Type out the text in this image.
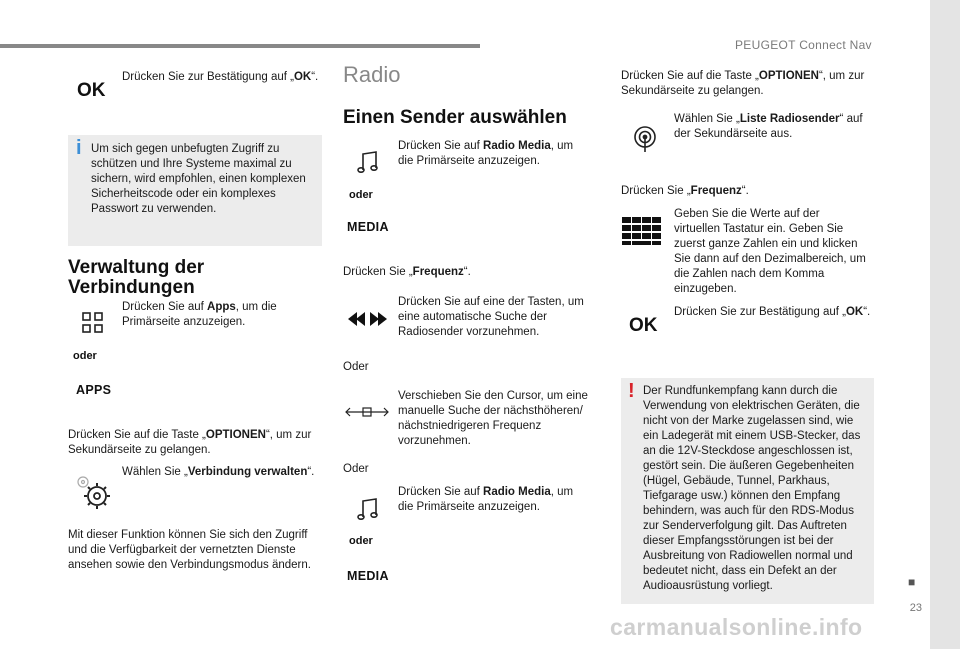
PEUGEOT Connect Nav
OK
Drücken Sie zur Bestätigung auf „OK“.
i Um sich gegen unbefugten Zugriff zu schützen und Ihre Systeme maximal zu sichern, wird empfohlen, einen komplexen Sicherheitscode oder ein komplexes Passwort zu verwenden.
Verwaltung der
Verbindungen
Drücken Sie auf Apps, um die Primärseite anzuzeigen.
oder
APPS
Drücken Sie auf die Taste „OPTIONEN“, um zur Sekundärseite zu gelangen.
Wählen Sie „Verbindung verwalten“.
Mit dieser Funktion können Sie sich den Zugriff und die Verfügbarkeit der vernetzten Dienste ansehen sowie den Verbindungsmodus ändern.
Radio
Einen Sender auswählen
Drücken Sie auf Radio Media, um die Primärseite anzuzeigen.
oder
MEDIA
Drücken Sie „Frequenz“.
Drücken Sie auf eine der Tasten, um eine automatische Suche der Radiosender vorzunehmen.
Oder
Verschieben Sie den Cursor, um eine manuelle Suche der nächsthöheren/ nächstniedrigeren Frequenz vorzunehmen.
Oder
Drücken Sie auf Radio Media, um die Primärseite anzuzeigen.
oder
MEDIA
Drücken Sie auf die Taste „OPTIONEN“, um zur Sekundärseite zu gelangen.
Wählen Sie „Liste Radiosender“ auf der Sekundärseite aus.
Drücken Sie „Frequenz“.
Geben Sie die Werte auf der virtuellen Tastatur ein. Geben Sie zuerst ganze Zahlen ein und klicken Sie dann auf den Dezimalbereich, um die Zahlen nach dem Komma einzugeben.
Drücken Sie zur Bestätigung auf „OK“.
OK
! Der Rundfunkempfang kann durch die Verwendung von elektrischen Geräten, die nicht von der Marke zugelassen sind, wie ein Ladegerät mit einem USB-Stecker, das an die 12V-Steckdose angeschlossen ist, gestört sein. Die äußeren Gegebenheiten (Hügel, Gebäude, Tunnel, Parkhaus, Tiefgarage usw.) können den Empfang behindern, was auch für den RDS-Modus zur Senderverfolgung gilt. Das Auftreten dieser Empfangsstörungen ist bei der Ausbreitung von Radiowellen normal und bedeutet nicht, dass ein Defekt an der Audioausrüstung vorliegt.	■
23
carmanualsonline.info
